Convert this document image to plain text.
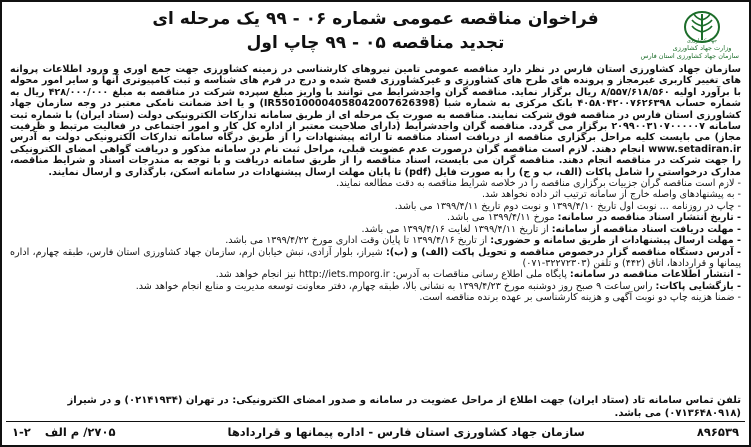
جهاد کشاورزی
وزارت جهاد کشاورزی
سازمان جهاد کشاورزی استان فارس

فراخوان مناقصه عمومی شماره ۰۶ - ۹۹ یک مرحله ای

تجدید مناقصه ۰۵ - ۹۹ چاپ اول

سازمان جهاد کشاورزی استان فارس در نظر دارد مناقصه عمومی تامین نیروهای کارشناسی در زمینه کشاورزی جهت جمع آوری و ورود اطلاعات پروانه های تغییر کاربری غیرمجاز و پرونده های طرح های کشاورزی و غیرکشاورزی فسخ شده و درج در فرم های شناسه و ثبت کامپیوتری آنها و سایر امور محوله با برآورد اولیه ۸/۵۵۷/۶۱۸/۵۶۰ ریال برگزار نماید. مناقصه گران واجدشرایط می توانند با واریز مبلغ سپرده شرکت در مناقصه به مبلغ ۴۲۸/۰۰۰/۰۰۰ ریال به شماره حساب ۴۰۵۸۰۴۲۰۰۷۶۲۶۳۹۸ بانک مرکزی به شماره شبا (IR550100004058042007626398) و یا اخذ ضمانت نامکی معتبر در وجه سازمان جهاد کشاورزی استان فارس در مناقصه فوق شرکت نمایند. مناقصه به صورت یک مرحله ای از طریق سامانه تدارکات الکترونیکی دولت (ستاد ایران) با شماره ثبت سامانه ۲۰۹۹۰۰۳۱۰۷۰۰۰۰۰۷ برگزار می گردد. مناقصه گران واجدشرایط (دارای صلاحیت معتبر از اداره کل کار و امور اجتماعی در فعالیت مرتبط و ظرفیت مجاز) می بایست کلیه مراحل برگزاری مناقصه از دریافت اسناد مناقصه تا ارائه پیشنهادات را از طریق درگاه سامانه تدارکات الکترونیکی دولت به آدرس www.setadiran.ir انجام دهند. لازم است مناقصه گران درصورت عدم عضویت قبلی، مراحل ثبت نام در سامانه مذکور و دریافت گواهی امضای الکترونیکی را جهت شرکت در مناقصه انجام دهند. مناقصه گران می بایست، اسناد مناقصه را از طریق سامانه دریافت و با توجه به مندرجات اسناد و شرایط مناقصه، مدارک درخواستی را شامل پاکات (الف، ب و ج) را به صورت فایل (pdf) تا پایان مهلت ارسال پیشنهادات در سامانه اسکن، بارگذاری و ارسال نمایند.

- لازم است مناقصه گران جزییات برگزاری مناقصه را در خلاصه شرایط مناقصه به دقت مطالعه نمایند.

- به پیشنهادهای واصله خارج از سامانه ترتیب اثر داده نخواهد شد.

- چاپ در روزنامه ... نوبت اول تاریخ ۱۳۹۹/۴/۱۰ و نوبت دوم تاریخ ۱۳۹۹/۴/۱۱ می باشد.

- تاریخ انتشار اسناد مناقصه در سامانه: مورخ ۱۳۹۹/۴/۱۱ می باشد.

- مهلت دریافت اسناد مناقصه از سامانه: از تاریخ ۱۳۹۹/۴/۱۱ لغایت ۱۳۹۹/۴/۱۶ می باشد.

- مهلت ارسال پیشنهادات از طریق سامانه و حضوری: از تاریخ ۱۳۹۹/۴/۱۶ تا پایان وقت اداری مورخ ۱۳۹۹/۴/۲۲ می باشد.

- آدرس دستگاه مناقصه گزار درخصوص مناقصه و تحویل پاکت (الف) و (ب): شیراز، بلوار آزادی، نبش خیابان ارم، سازمان جهاد کشاورزی استان فارس، طبقه چهارم، اداره پیمانها و قراردادها، اتاق (۴۴۲) و تلفن (۳۲۲۷۲۳۰۳-۰۷۱)

- انتشار اطلاعات مناقصه در سامانه: پایگاه ملی اطلاع رسانی مناقصات به آدرس: http://iets.mporg.ir نیز انجام خواهد شد.

- بازگشایی پاکات: راس ساعت ۹ صبح روز دوشنبه مورخ ۱۳۹۹/۴/۲۳ به نشانی بالا، طبقه چهارم، دفتر معاونت توسعه مدیریت و منابع انجام خواهد شد.

- ضمنا هزینه چاپ دو نوبت آگهی و هزینه کارشناسی بر عهده برنده مناقصه است.

تلفن تماس سامانه تاد (ستاد ایران) جهت اطلاع از مراحل عضویت در سامانه و صدور امضای الکترونیکی: در تهران (۰۲۱۴۱۹۳۴) و در شیراز (۰۷۱۳۶۴۸۰۹۱۸) می باشد.
۸۹۶۵۳۹
سازمان جهاد کشاورزی استان فارس - اداره پیمانها و قراردادها
۲۷۰۵/ م الف
۱-۲
